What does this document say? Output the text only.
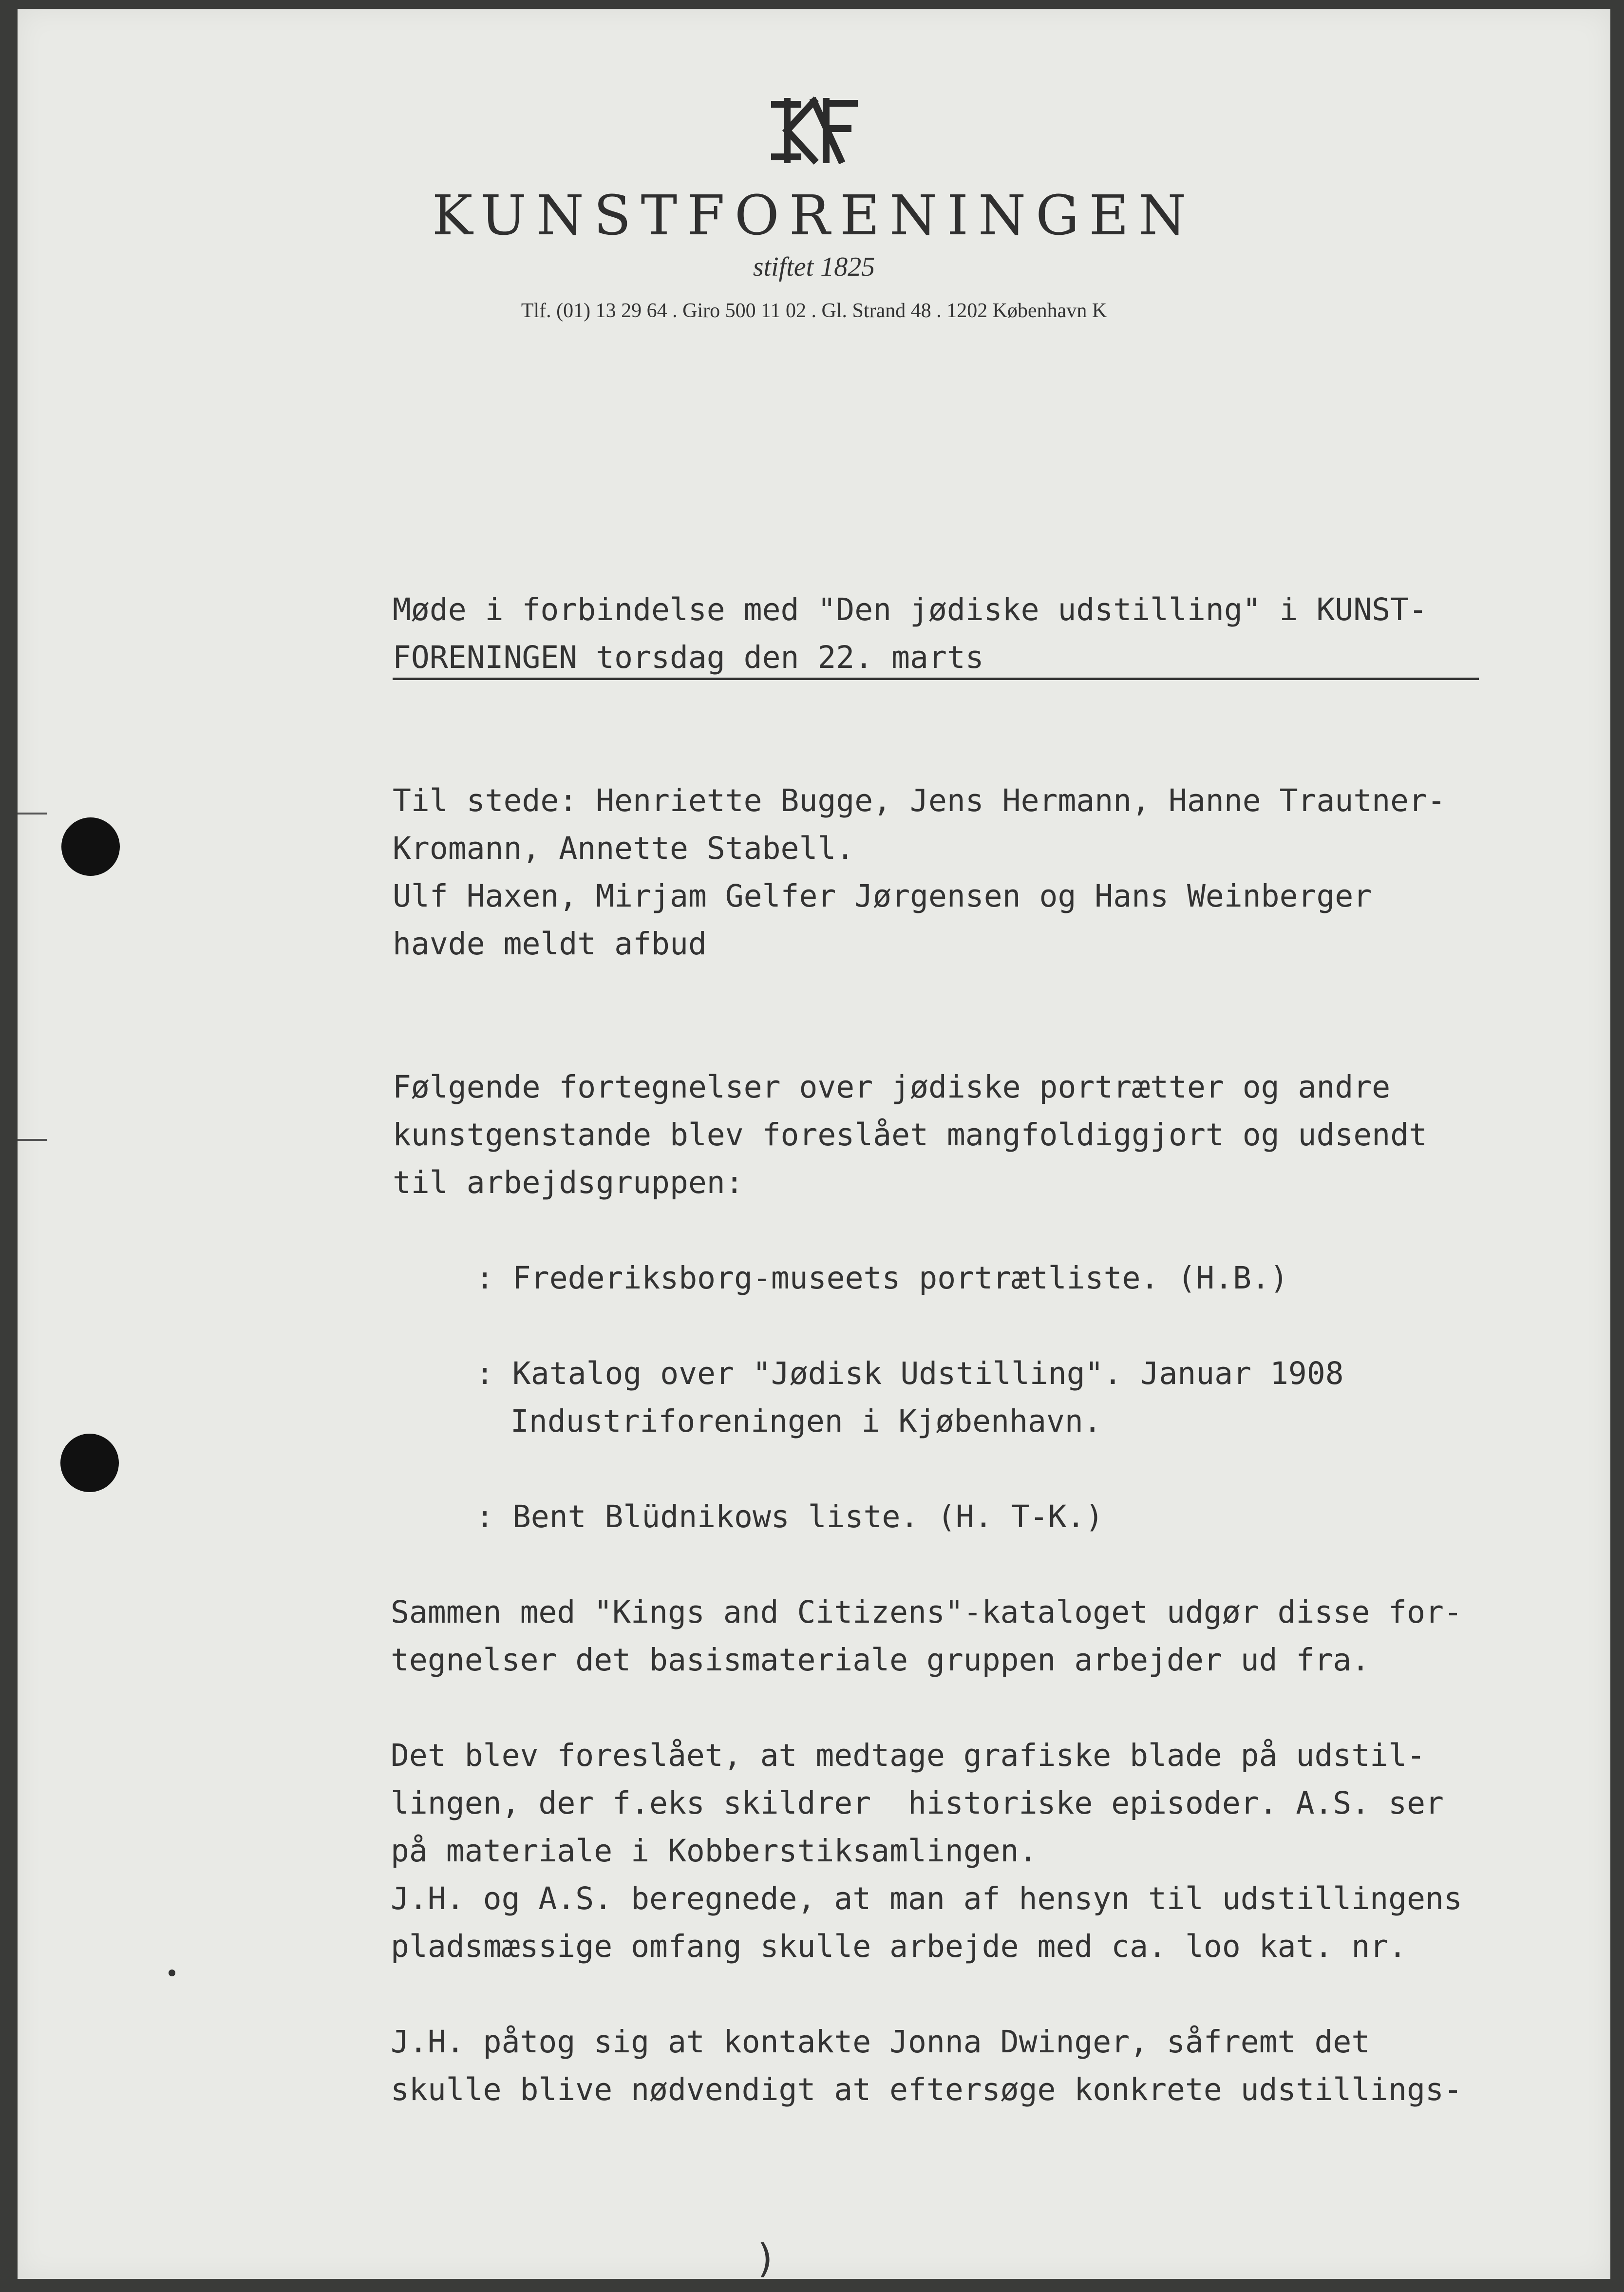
KUNSTFORENINGEN
stiftet 1825
Tlf. (01) 13 29 64 . Giro 500 11 02 . Gl. Strand 48 . 1202 København K
Møde i forbindelse med "Den jødiske udstilling" i KUNST-
FORENINGEN torsdag den 22. marts
Til stede: Henriette Bugge, Jens Hermann, Hanne Trautner-
Kromann, Annette Stabell.
Ulf Haxen, Mirjam Gelfer Jørgensen og Hans Weinberger
havde meldt afbud
Følgende fortegnelser over jødiske portrætter og andre
kunstgenstande blev foreslået mangfoldiggjort og udsendt
til arbejdsgruppen:
: Frederiksborg-museets portrætliste. (H.B.)
: Katalog over "Jødisk Udstilling". Januar 1908
Industriforeningen i Kjøbenhavn.
: Bent Blüdnikows liste. (H. T-K.)
Sammen med "Kings and Citizens"-kataloget udgør disse for-
tegnelser det basismateriale gruppen arbejder ud fra.
Det blev foreslået, at medtage grafiske blade på udstil-
lingen, der f.eks skildrer  historiske episoder. A.S. ser
på materiale i Kobberstiksamlingen.
J.H. og A.S. beregnede, at man af hensyn til udstillingens
pladsmæssige omfang skulle arbejde med ca. loo kat. nr.
J.H. påtog sig at kontakte Jonna Dwinger, såfremt det
skulle blive nødvendigt at eftersøge konkrete udstillings-
)
